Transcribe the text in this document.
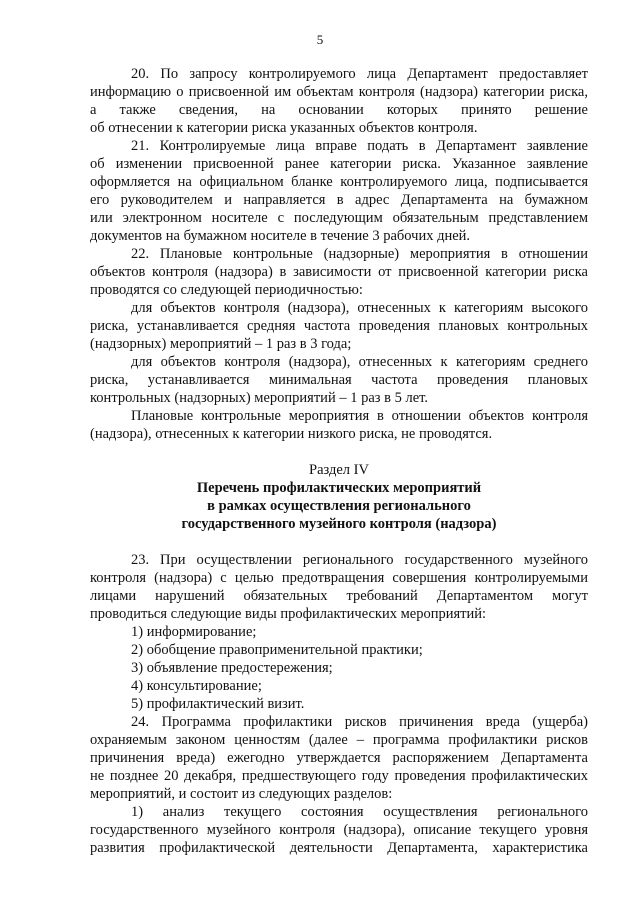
5
20. По запросу контролируемого лица Департамент предоставляет
информацию о присвоенной им объектам контроля (надзора) категории риска,
а также сведения, на основании которых принято решение
об отнесении к категории риска указанных объектов контроля.
21. Контролируемые лица вправе подать в Департамент заявление
об изменении присвоенной ранее категории риска. Указанное заявление
оформляется на официальном бланке контролируемого лица, подписывается
его руководителем и направляется в адрес Департамента на бумажном
или электронном носителе с последующим обязательным представлением
документов на бумажном носителе в течение 3 рабочих дней.
22. Плановые контрольные (надзорные) мероприятия в отношении
объектов контроля (надзора) в зависимости от присвоенной категории риска
проводятся со следующей периодичностью:
для объектов контроля (надзора), отнесенных к категориям высокого
риска, устанавливается средняя частота проведения плановых контрольных
(надзорных) мероприятий – 1 раз в 3 года;
для объектов контроля (надзора), отнесенных к категориям среднего
риска, устанавливается минимальная частота проведения плановых
контрольных (надзорных) мероприятий – 1 раз в 5 лет.
Плановые контрольные мероприятия в отношении объектов контроля
(надзора), отнесенных к категории низкого риска, не проводятся.
Раздел IV
Перечень профилактических мероприятий
в рамках осуществления регионального
государственного музейного контроля (надзора)
23. При осуществлении регионального государственного музейного
контроля (надзора) с целью предотвращения совершения контролируемыми
лицами нарушений обязательных требований Департаментом могут
проводиться следующие виды профилактических мероприятий:
1) информирование;
2) обобщение правоприменительной практики;
3) объявление предостережения;
4) консультирование;
5) профилактический визит.
24. Программа профилактики рисков причинения вреда (ущерба)
охраняемым законом ценностям (далее – программа профилактики рисков
причинения вреда) ежегодно утверждается распоряжением Департамента
не позднее 20 декабря, предшествующего году проведения профилактических
мероприятий, и состоит из следующих разделов:
1) анализ текущего состояния осуществления регионального
государственного музейного контроля (надзора), описание текущего уровня
развития профилактической деятельности Департамента, характеристика
